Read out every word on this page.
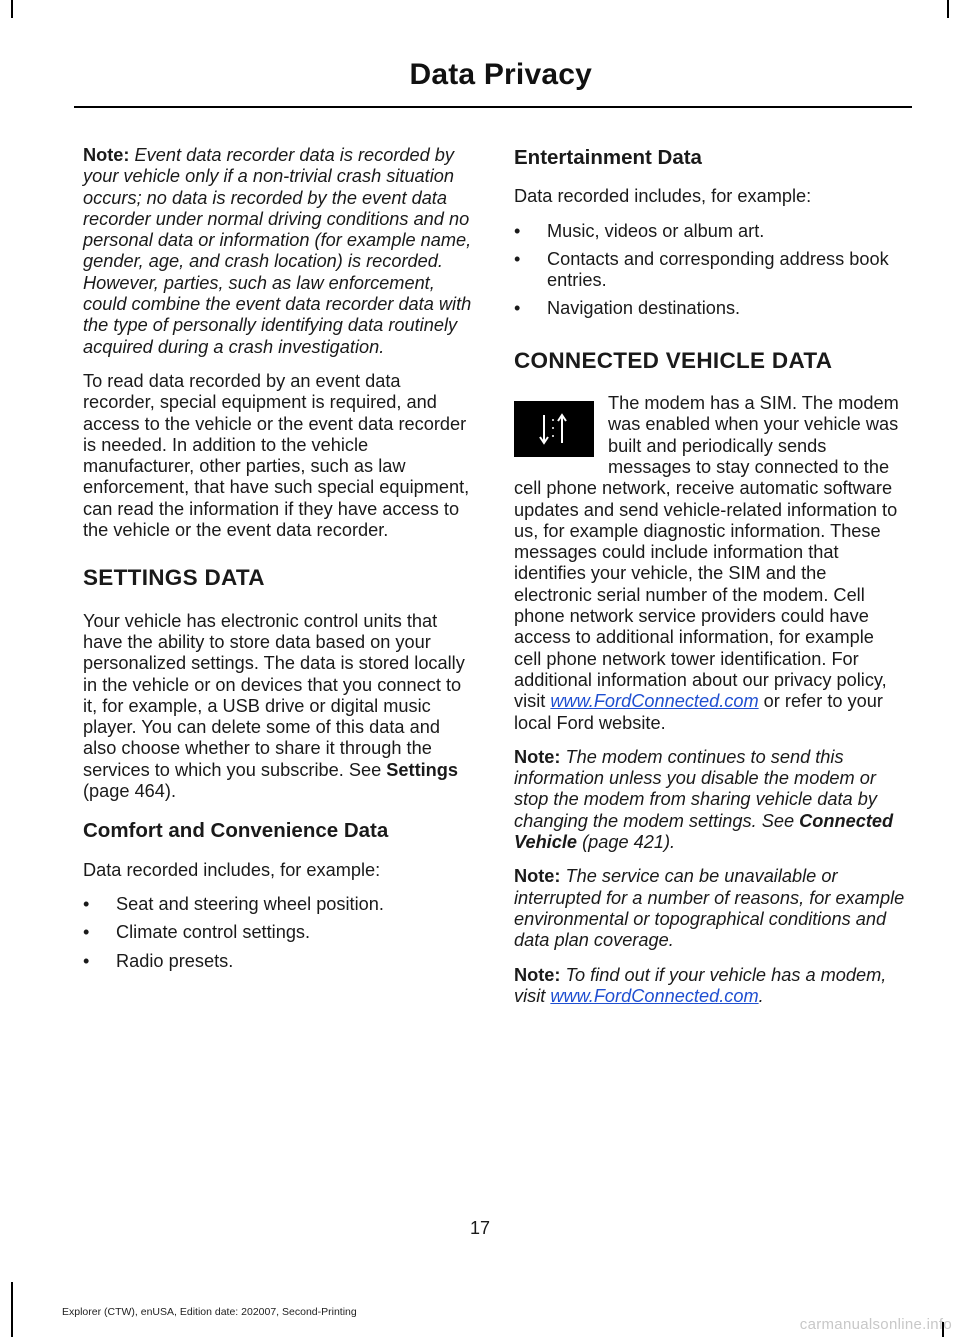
Data Privacy

Note: Event data recorder data is recorded by your vehicle only if a non-trivial crash situation occurs; no data is recorded by the event data recorder under normal driving conditions and no personal data or information (for example name, gender, age, and crash location) is recorded. However, parties, such as law enforcement, could combine the event data recorder data with the type of personally identifying data routinely acquired during a crash investigation.

To read data recorded by an event data recorder, special equipment is required, and access to the vehicle or the event data recorder is needed. In addition to the vehicle manufacturer, other parties, such as law enforcement, that have such special equipment, can read the information if they have access to the vehicle or the event data recorder.

SETTINGS DATA

Your vehicle has electronic control units that have the ability to store data based on your personalized settings. The data is stored locally in the vehicle or on devices that you connect to it, for example, a USB drive or digital music player. You can delete some of this data and also choose whether to share it through the services to which you subscribe. See Settings (page 464).

Comfort and Convenience Data

Data recorded includes, for example:

• Seat and steering wheel position.
• Climate control settings.
• Radio presets.
Entertainment Data

Data recorded includes, for example:

• Music, videos or album art.
• Contacts and corresponding address book entries.
• Navigation destinations.
CONNECTED VEHICLE DATA

The modem has a SIM. The modem was enabled when your vehicle was built and periodically sends messages to stay connected to the cell phone network, receive automatic software updates and send vehicle-related information to us, for example diagnostic information. These messages could include information that identifies your vehicle, the SIM and the electronic serial number of the modem. Cell phone network service providers could have access to additional information, for example cell phone network tower identification. For additional information about our privacy policy, visit www.FordConnected.com or refer to your local Ford website.

Note: The modem continues to send this information unless you disable the modem or stop the modem from sharing vehicle data by changing the modem settings. See Connected Vehicle (page 421).

Note: The service can be unavailable or interrupted for a number of reasons, for example environmental or topographical conditions and data plan coverage.

Note: To find out if your vehicle has a modem, visit www.FordConnected.com.

17
Explorer (CTW), enUSA, Edition date: 202007, Second-Printing
carmanualsonline.info
